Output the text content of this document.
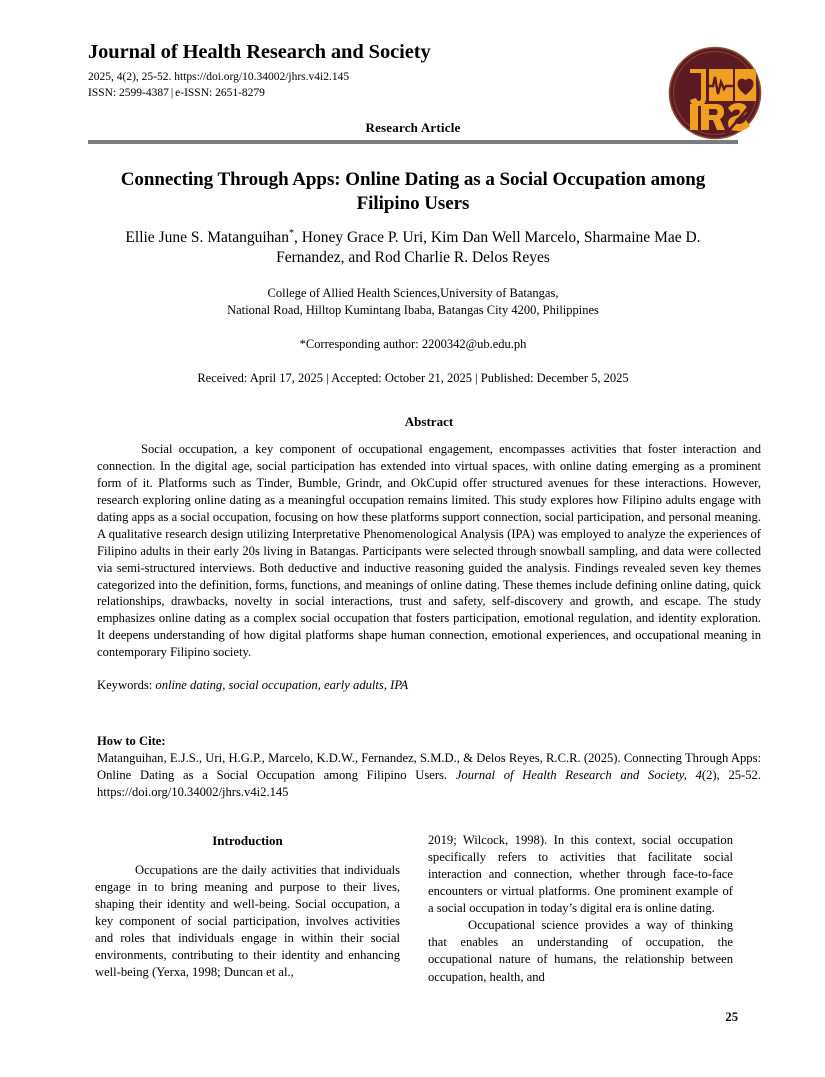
Journal of Health Research and Society
2025, 4(2), 25-52. https://doi.org/10.34002/jhrs.v4i2.145
ISSN: 2599-4387 | e-ISSN: 2651-8279
Research Article
Connecting Through Apps: Online Dating as a Social Occupation among Filipino Users
Ellie June S. Matanguihan*, Honey Grace P. Uri, Kim Dan Well Marcelo, Sharmaine Mae D. Fernandez, and Rod Charlie R. Delos Reyes
College of Allied Health Sciences,University of Batangas,
National Road, Hilltop Kumintang Ibaba, Batangas City 4200, Philippines
*Corresponding author: 2200342@ub.edu.ph
Received: April 17, 2025 | Accepted: October 21, 2025 | Published: December 5, 2025
Abstract

Social occupation, a key component of occupational engagement, encompasses activities that foster interaction and connection. In the digital age, social participation has extended into virtual spaces, with online dating emerging as a prominent form of it. Platforms such as Tinder, Bumble, Grindr, and OkCupid offer structured avenues for these interactions. However, research exploring online dating as a meaningful occupation remains limited. This study explores how Filipino adults engage with dating apps as a social occupation, focusing on how these platforms support connection, social participation, and personal meaning. A qualitative research design utilizing Interpretative Phenomenological Analysis (IPA) was employed to analyze the experiences of Filipino adults in their early 20s living in Batangas. Participants were selected through snowball sampling, and data were collected via semi-structured interviews. Both deductive and inductive reasoning guided the analysis. Findings revealed seven key themes categorized into the definition, forms, functions, and meanings of online dating. These themes include defining online dating, quick relationships, drawbacks, novelty in social interactions, trust and safety, self-discovery and growth, and escape. The study emphasizes online dating as a complex social occupation that fosters participation, emotional regulation, and identity exploration. It deepens understanding of how digital platforms shape human connection, emotional experiences, and occupational meaning in contemporary Filipino society.

Keywords: online dating, social occupation, early adults, IPA
How to Cite:
Matanguihan, E.J.S., Uri, H.G.P., Marcelo, K.D.W., Fernandez, S.M.D., & Delos Reyes, R.C.R. (2025). Connecting Through Apps: Online Dating as a Social Occupation among Filipino Users. Journal of Health Research and Society, 4(2), 25-52. https://doi.org/10.34002/jhrs.v4i2.145
Introduction

Occupations are the daily activities that individuals engage in to bring meaning and purpose to their lives, shaping their identity and well-being. Social occupation, a key component of social participation, involves activities and roles that individuals engage in within their social environments, contributing to their identity and enhancing well-being (Yerxa, 1998; Duncan et al.,

2019; Wilcock, 1998). In this context, social occupation specifically refers to activities that facilitate social interaction and connection, whether through face-to-face encounters or virtual platforms. One prominent example of a social occupation in today’s digital era is online dating.

Occupational science provides a way of thinking that enables an understanding of occupation, the occupational nature of humans, the relationship between occupation, health, and

25
